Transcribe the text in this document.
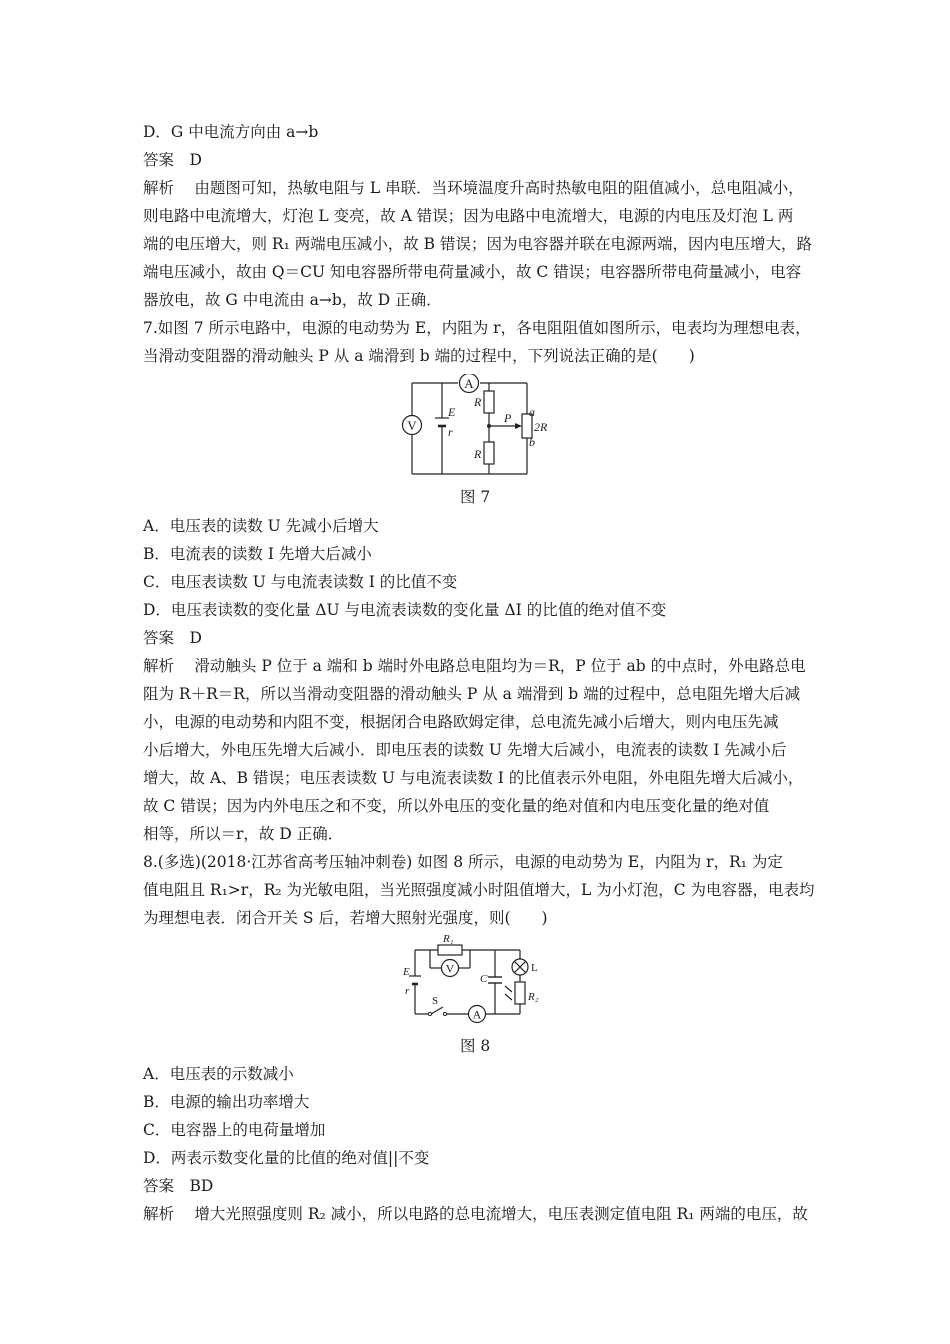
D．G 中电流方向由 a→b
答案　D
解析　 由题图可知，热敏电阻与 L 串联．当环境温度升高时热敏电阻的阻值减小，总电阻减小，
则电路中电流增大，灯泡 L 变亮，故 A 错误；因为电路中电流增大，电源的内电压及灯泡 L 两
端的电压增大，则 R₁ 两端电压减小，故 B 错误；因为电容器并联在电源两端，因内电压增大，路
端电压减小，故由 Q＝CU 知电容器所带电荷量减小，故 C 错误；电容器所带电荷量减小，电容
器放电，故 G 中电流由 a→b，故 D 正确．
7.如图 7 所示电路中，电源的电动势为 E，内阻为 r，各电阻阻值如图所示，电表均为理想电表，
当滑动变阻器的滑动触头 P 从 a 端滑到 b 端的过程中，下列说法正确的是(　　)
V
A
E
r
R
R
P a
2R
b
图 7
A．电压表的读数 U 先减小后增大
B．电流表的读数 I 先增大后减小
C．电压表读数 U 与电流表读数 I 的比值不变
D．电压表读数的变化量 ΔU 与电流表读数的变化量 ΔI 的比值的绝对值不变
答案　D
解析　 滑动触头 P 位于 a 端和 b 端时外电路总电阻均为＝R，P 位于 ab 的中点时，外电路总电
阻为 R＋R＝R，所以当滑动变阻器的滑动触头 P 从 a 端滑到 b 端的过程中，总电阻先增大后减
小，电源的电动势和内阻不变，根据闭合电路欧姆定律，总电流先减小后增大，则内电压先减
小后增大，外电压先增大后减小．即电压表的读数 U 先增大后减小，电流表的读数 I 先减小后
增大，故 A、B 错误；电压表读数 U 与电流表读数 I 的比值表示外电阻，外电阻先增大后减小，
故 C 错误；因为内外电压之和不变，所以外电压的变化量的绝对值和内电压变化量的绝对值
相等，所以＝r，故 D 正确．
8.(多选)(2018·江苏省高考压轴冲刺卷) 如图 8 所示，电源的电动势为 E，内阻为 r，R₁ 为定
值电阻且 R₁>r，R₂ 为光敏电阻，当光照强度减小时阻值增大，L 为小灯泡，C 为电容器，电表均
为理想电表．闭合开关 S 后，若增大照射光强度，则(　　)
V
A
R₁
L
E
r
C
S	R₂
图 8
A．电压表的示数减小
B．电源的输出功率增大
C．电容器上的电荷量增加
D．两表示数变化量的比值的绝对值||不变
答案　BD
解析　 增大光照强度则 R₂ 减小，所以电路的总电流增大，电压表测定值电阻 R₁ 两端的电压，故
